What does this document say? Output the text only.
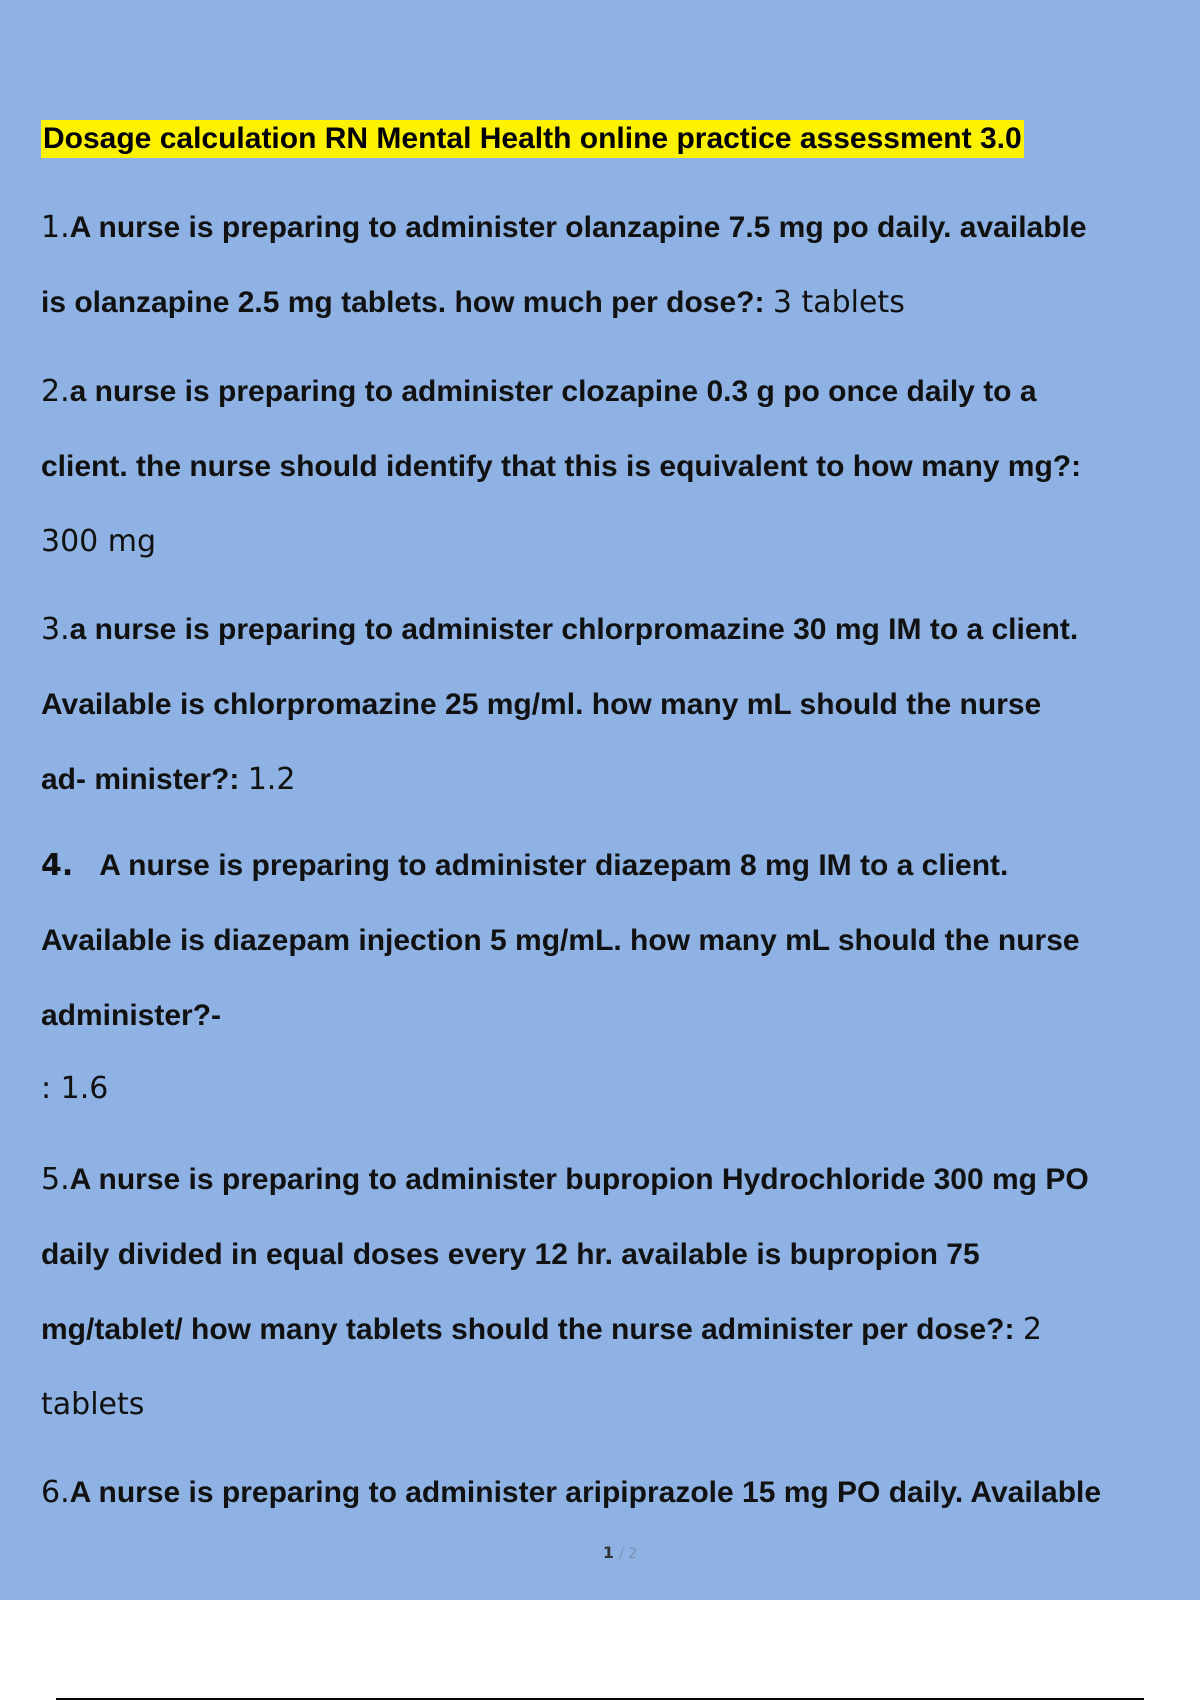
Dosage calculation RN Mental Health online practice assessment 3.0
1.A nurse is preparing to administer olanzapine 7.5 mg po daily. available
is olanzapine 2.5 mg tablets. how much per dose?: 3 tablets
2.a nurse is preparing to administer clozapine 0.3 g po once daily to a
client. the nurse should identify that this is equivalent to how many mg?:
300 mg
3.a nurse is preparing to administer chlorpromazine 30 mg IM to a client.
Available is chlorpromazine 25 mg/ml. how many mL should the nurse
ad- minister?: 1.2
4. A nurse is preparing to administer diazepam 8 mg IM to a client.
Available is diazepam injection 5 mg/mL. how many mL should the nurse
administer?-
: 1.6
5.A nurse is preparing to administer bupropion Hydrochloride 300 mg PO
daily divided in equal doses every 12 hr. available is bupropion 75
mg/tablet/ how many tablets should the nurse administer per dose?: 2
tablets
6.A nurse is preparing to administer aripiprazole 15 mg PO daily. Available
1 / 2
